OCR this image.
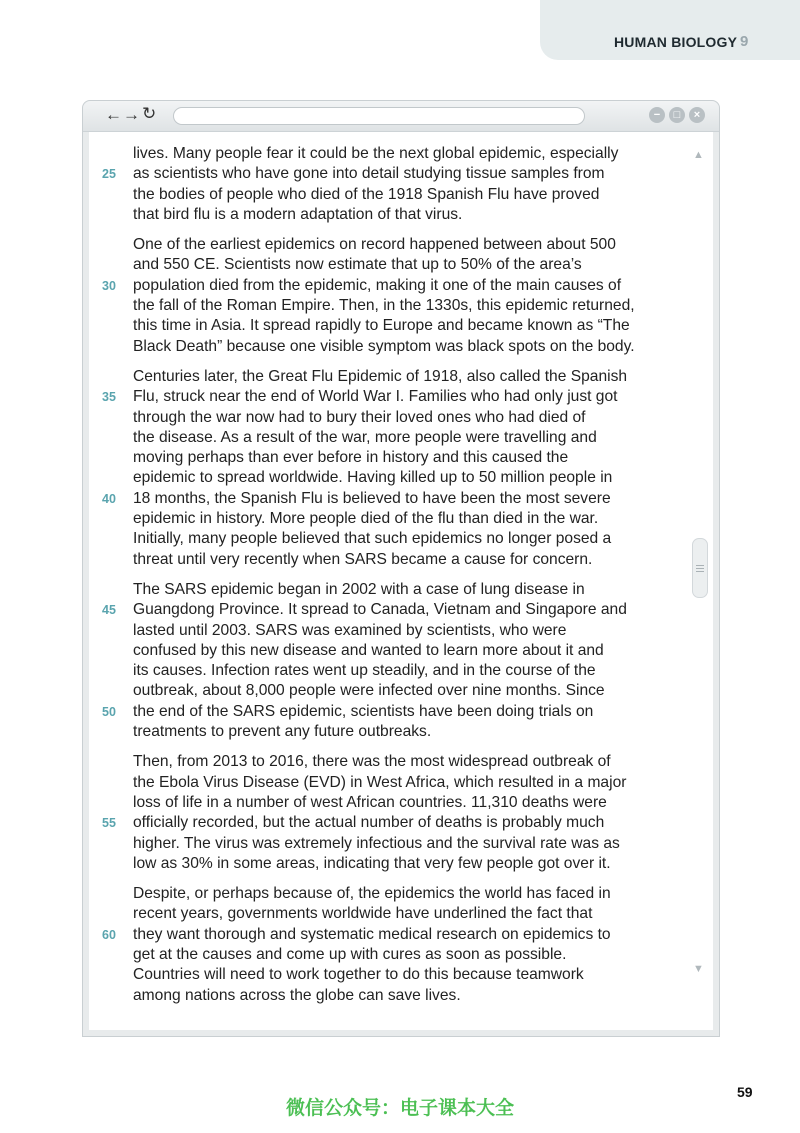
HUMAN BIOLOGY 9
← → ↻	−	□	×
▲
▼
lives. Many people fear it could be the next global epidemic, especially
25	as scientists who have gone into detail studying tissue samples from
the bodies of people who died of the 1918 Spanish Flu have proved
that bird flu is a modern adaptation of that virus.
One of the earliest epidemics on record happened between about 500
and 550 CE. Scientists now estimate that up to 50% of the area’s
30	population died from the epidemic, making it one of the main causes of
the fall of the Roman Empire. Then, in the 1330s, this epidemic returned,
this time in Asia. It spread rapidly to Europe and became known as “The
Black Death” because one visible symptom was black spots on the body.
Centuries later, the Great Flu Epidemic of 1918, also called the Spanish
35	Flu, struck near the end of World War I. Families who had only just got
through the war now had to bury their loved ones who had died of
the disease. As a result of the war, more people were travelling and
moving perhaps than ever before in history and this caused the
epidemic to spread worldwide. Having killed up to 50 million people in
40	18 months, the Spanish Flu is believed to have been the most severe
epidemic in history. More people died of the flu than died in the war.
Initially, many people believed that such epidemics no longer posed a
threat until very recently when SARS became a cause for concern.
The SARS epidemic began in 2002 with a case of lung disease in
45	Guangdong Province. It spread to Canada, Vietnam and Singapore and
lasted until 2003. SARS was examined by scientists, who were
confused by this new disease and wanted to learn more about it and
its causes. Infection rates went up steadily, and in the course of the
outbreak, about 8,000 people were infected over nine months. Since
50	the end of the SARS epidemic, scientists have been doing trials on
treatments to prevent any future outbreaks.
Then, from 2013 to 2016, there was the most widespread outbreak of
the Ebola Virus Disease (EVD) in West Africa, which resulted in a major
loss of life in a number of west African countries. 11,310 deaths were
55	officially recorded, but the actual number of deaths is probably much
higher. The virus was extremely infectious and the survival rate was as
low as 30% in some areas, indicating that very few people got over it.
Despite, or perhaps because of, the epidemics the world has faced in
recent years, governments worldwide have underlined the fact that
60	they want thorough and systematic medical research on epidemics to
get at the causes and come up with cures as soon as possible.
Countries will need to work together to do this because teamwork
among nations across the globe can save lives.
59
微信公众号：电子课本大全
